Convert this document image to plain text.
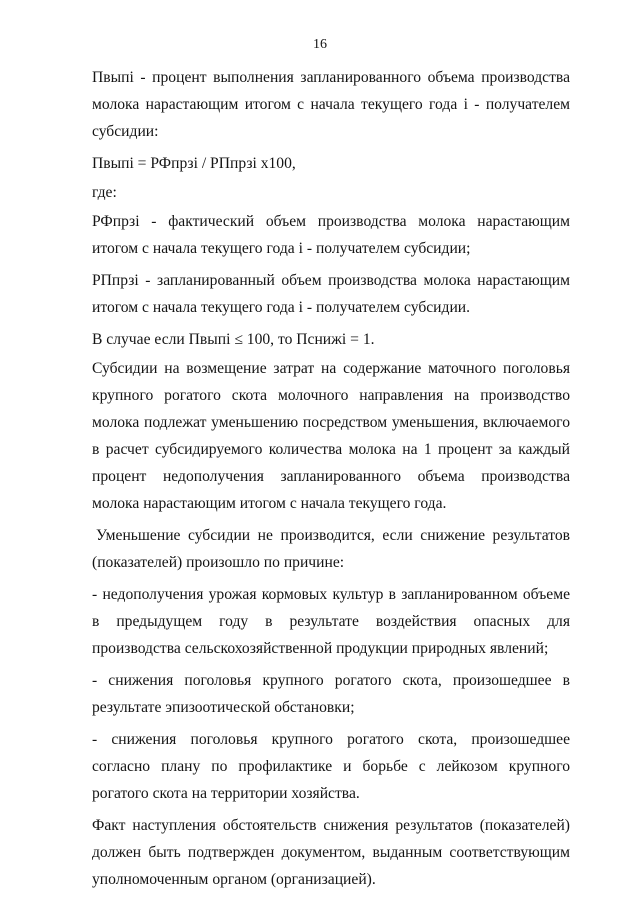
16

Пвыпi - процент выполнения запланированного объема производства молока нарастающим итогом с начала текущего года i - получателем субсидии:

Пвыпi = РФпрзi / РПпрзi х100,

где:

РФпрзi - фактический объем производства молока нарастающим итогом с начала текущего года i - получателем субсидии;

РПпрзi - запланированный объем производства молока нарастающим итогом с начала текущего года i - получателем субсидии.

В случае если Пвыпi ≤ 100, то Пснижi = 1.

Субсидии на возмещение затрат на содержание маточного поголовья крупного рогатого скота молочного направления на производство молока подлежат уменьшению посредством уменьшения, включаемого в расчет субсидируемого количества молока на 1 процент за каждый процент недополучения запланированного объема производства молока нарастающим итогом с начала текущего года.

Уменьшение субсидии не производится, если снижение результатов (показателей) произошло по причине:

- недополучения урожая кормовых культур в запланированном объеме в предыдущем году в результате воздействия опасных для производства сельскохозяйственной продукции природных явлений;

- снижения поголовья крупного рогатого скота, произошедшее в результате эпизоотической обстановки;

- снижения поголовья крупного рогатого скота, произошедшее согласно плану по профилактике и борьбе с лейкозом крупного рогатого скота на территории хозяйства.

Факт наступления обстоятельств снижения результатов (показателей) должен быть подтвержден документом, выданным соответствующим уполномоченным органом (организацией).
